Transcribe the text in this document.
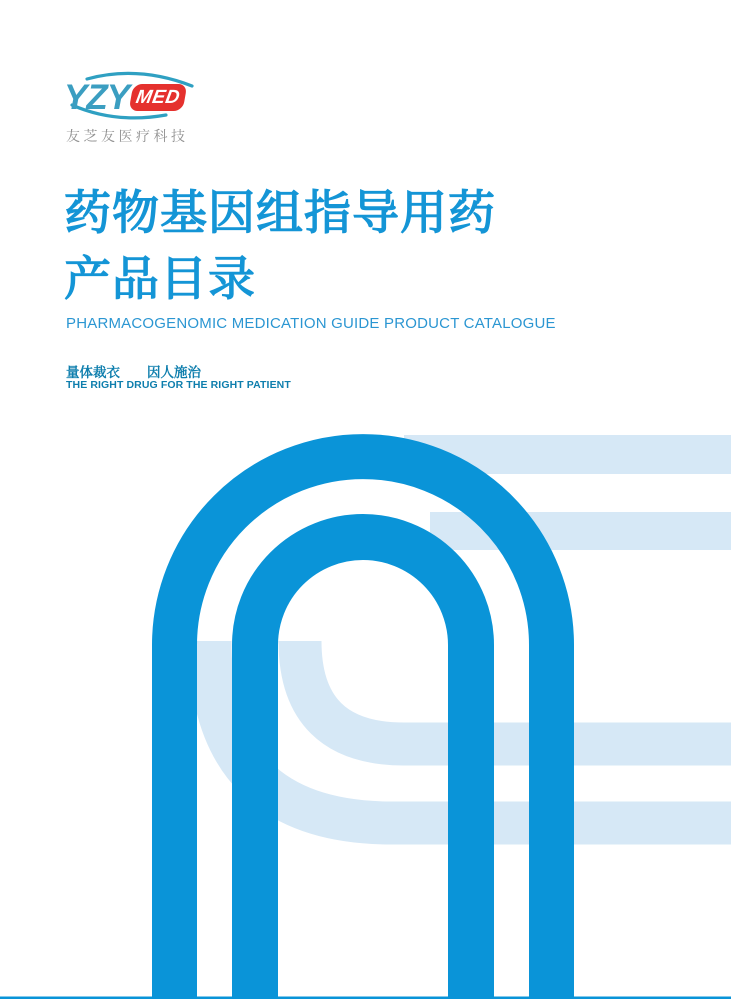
YZY MED
友芝友医疗科技
药物基因组指导用药
产品目录
PHARMACOGENOMIC MEDICATION GUIDE PRODUCT CATALOGUE
量体裁衣　　因人施治
THE RIGHT DRUG FOR THE RIGHT PATIENT
